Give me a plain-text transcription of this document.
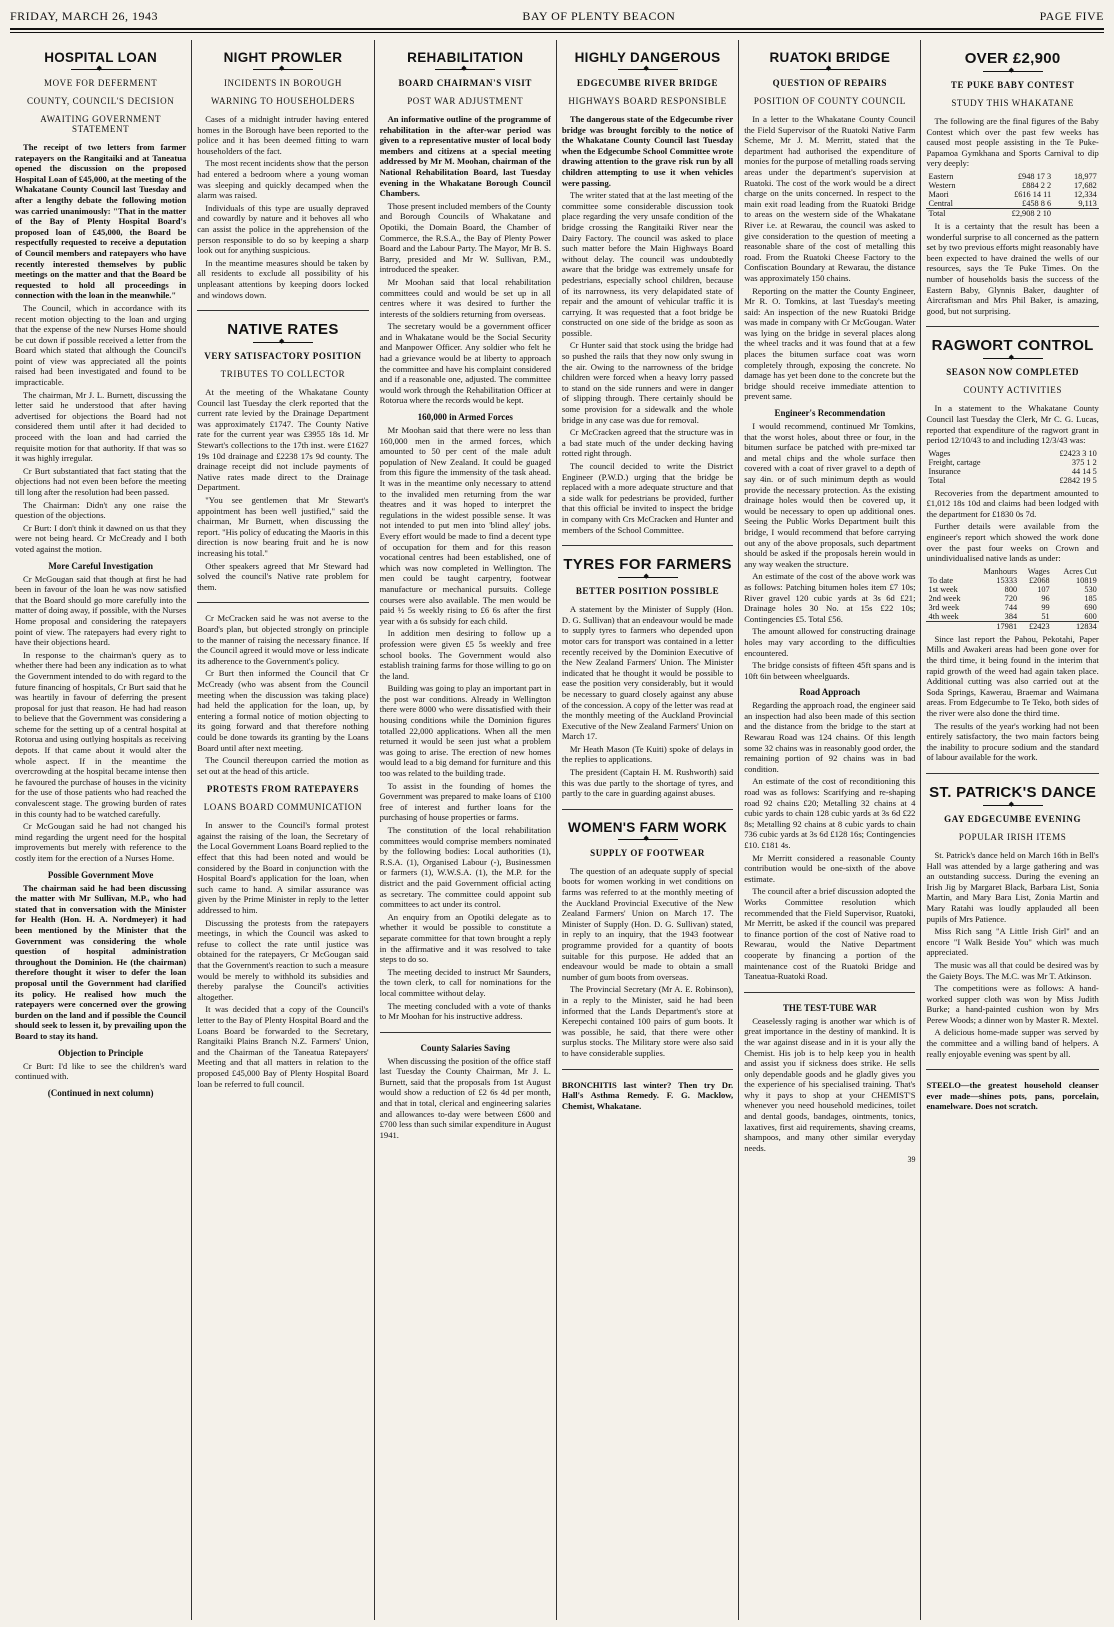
FRIDAY, MARCH 26, 1943	BAY OF PLENTY BEACON	PAGE FIVE
HOSPITAL LOAN
◆
MOVE FOR DEFERMENT
COUNTY, COUNCIL'S DECISION
AWAITING GOVERNMENT STATEMENT

The receipt of two letters from farmer ratepayers on the Rangitaiki and at Taneatua opened the discussion on the proposed Hospital Loan of £45,000, at the meeting of the Whakatane County Council last Tuesday and after a lengthy debate the following motion was carried unanimously: "That in the matter of the Bay of Plenty Hospital Board's proposed loan of £45,000, the Board be respectfully requested to receive a deputation of Council members and ratepayers who have recently interested themselves by public meetings on the matter and that the Board be requested to hold all proceedings in connection with the loan in the meanwhile."

The Council, which in accordance with its recent motion objecting to the loan and urging that the expense of the new Nurses Home should be cut down if possible received a letter from the Board which stated that although the Council's point of view was appreciated all the points raised had been investigated and found to be impracticable.

The chairman, Mr J. L. Burnett, discussing the letter said he understood that after having advertised for objections the Board had not considered them until after it had decided to proceed with the loan and had carried the requisite motion for that authority. If that was so it was highly irregular.

Cr Burt substantiated that fact stating that the objections had not even been before the meeting till long after the resolution had been passed.

The Chairman: Didn't any one raise the question of the objections.

Cr Burt: I don't think it dawned on us that they were not being heard. Cr McCready and I both voted against the motion.

More Careful Investigation

Cr McGougan said that though at first he had been in favour of the loan he was now satisfied that the Board should go more carefully into the matter of doing away, if possible, with the Nurses Home proposal and considering the ratepayers point of view. The ratepayers had every right to have their objections heard.

In response to the chairman's query as to whether there had been any indication as to what the Government intended to do with regard to the future financing of hospitals, Cr Burt said that he was heartily in favour of deferring the present proposal for just that reason. He had had reason to believe that the Government was considering a scheme for the setting up of a central hospital at Rotorua and using outlying hospitals as receiving depots. If that came about it would alter the whole aspect. If in the meantime the overcrowding at the hospital became intense then he favoured the purchase of houses in the vicinity for the use of those patients who had reached the convalescent stage. The growing burden of rates in this county had to be watched carefully.

Cr McGougan said he had not changed his mind regarding the urgent need for the hospital improvements but merely with reference to the costly item for the erection of a Nurses Home.

Possible Government Move

The chairman said he had been discussing the matter with Mr Sullivan, M.P., who had stated that in conversation with the Minister for Health (Hon. H. A. Nordmeyer) it had been mentioned by the Minister that the Government was considering the whole question of hospital administration throughout the Dominion. He (the chairman) therefore thought it wiser to defer the loan proposal until the Government had clarified its policy. He realised how much the ratepayers were concerned over the growing burden on the land and if possible the Council should seek to lessen it, by prevailing upon the Board to stay its hand.

Objection to Principle

Cr Burt: I'd like to see the children's ward continued with.

(Continued in next column)
NIGHT PROWLER
◆
INCIDENTS IN BOROUGH
WARNING TO HOUSEHOLDERS

Cases of a midnight intruder having entered homes in the Borough have been reported to the police and it has been deemed fitting to warn householders of the fact.

The most recent incidents show that the person had entered a bedroom where a young woman was sleeping and quickly decamped when the alarm was raised.

Individuals of this type are usually depraved and cowardly by nature and it behoves all who can assist the police in the apprehension of the person responsible to do so by keeping a sharp look out for anything suspicious.

In the meantime measures should be taken by all residents to exclude all possibility of his unpleasant attentions by keeping doors locked and windows down.

NATIVE RATES
◆
VERY SATISFACTORY POSITION
TRIBUTES TO COLLECTOR

At the meeting of the Whakatane County Council last Tuesday the clerk reported that the current rate levied by the Drainage Department was approximately £1747. The County Native rate for the current year was £3955 18s 1d. Mr Stewart's collections to the 17th inst. were £1627 19s 10d drainage and £2238 17s 9d county. The drainage receipt did not include payments of Native rates made direct to the Drainage Department.

"You see gentlemen that Mr Stewart's appointment has been well justified," said the chairman, Mr Burnett, when discussing the report. "His policy of educating the Maoris in this direction is now bearing fruit and he is now increasing his total."

Other speakers agreed that Mr Steward had solved the council's Native rate problem for them.

Cr McCracken said he was not averse to the Board's plan, but objected strongly on principle to the manner of raising the necessary finance. If the Council agreed it would move or less indicate its adherence to the Government's policy.

Cr Burt then informed the Council that Cr McCready (who was absent from the Council meeting when the discussion was taking place) had held the application for the loan, up, by entering a formal notice of motion objecting to its going forward and that therefore nothing could be done towards its granting by the Loans Board until after next meeting.

The Council thereupon carried the motion as set out at the head of this article.

PROTESTS FROM RATEPAYERS
LOANS BOARD COMMUNICATION

In answer to the Council's formal protest against the raising of the loan, the Secretary of the Local Government Loans Board replied to the effect that this had been noted and would be considered by the Board in conjunction with the Hospital Board's application for the loan, when such came to hand. A similar assurance was given by the Prime Minister in reply to the letter addressed to him.

Discussing the protests from the ratepayers meetings, in which the Council was asked to refuse to collect the rate until justice was obtained for the ratepayers, Cr McGougan said that the Government's reaction to such a measure would be merely to withhold its subsidies and thereby paralyse the Council's activities altogether.

It was decided that a copy of the Council's letter to the Bay of Plenty Hospital Board and the Loans Board be forwarded to the Secretary, Rangitaiki Plains Branch N.Z. Farmers' Union, and the Chairman of the Taneatua Ratepayers' Meeting and that all matters in relation to the proposed £45,000 Bay of Plenty Hospital Board loan be referred to full council.

REHABILITATION
◆
BOARD CHAIRMAN'S VISIT
POST WAR ADJUSTMENT

An informative outline of the programme of rehabilitation in the after-war period was given to a representative muster of local body members and citizens at a special meeting addressed by Mr M. Moohan, chairman of the National Rehabilitation Board, last Tuesday evening in the Whakatane Borough Council Chambers.

Those present included members of the County and Borough Councils of Whakatane and Opotiki, the Domain Board, the Chamber of Commerce, the R.S.A., the Bay of Plenty Power Board and the Labour Party. The Mayor, Mr B. S. Barry, presided and Mr W. Sullivan, P.M., introduced the speaker.

Mr Moohan said that local rehabilitation committees could and would be set up in all centres where it was desired to further the interests of the soldiers returning from overseas.

The secretary would be a government officer and in Whakatane would be the Social Security and Manpower Officer. Any soldier who felt he had a grievance would be at liberty to approach the committee and have his complaint considered and if a reasonable one, adjusted. The committee would work through the Rehabilitation Officer at Rotorua where the records would be kept.

160,000 in Armed Forces

Mr Moohan said that there were no less than 160,000 men in the armed forces, which amounted to 50 per cent of the male adult population of New Zealand. It could be guaged from this figure the immensity of the task ahead. It was in the meantime only necessary to attend to the invalided men returning from the war theatres and it was hoped to interpret the regulations in the widest possible sense. It was not intended to put men into 'blind alley' jobs. Every effort would be made to find a decent type of occupation for them and for this reason vocational centres had been established, one of which was now completed in Wellington. The men could be taught carpentry, footwear manufacture or mechanical pursuits. College courses were also available. The men would be paid ½ 5s weekly rising to £6 6s after the first year with a 6s subsidy for each child.

In addition men desiring to follow up a profession were given £5 5s weekly and free school books. The Government would also establish training farms for those willing to go on the land.

Building was going to play an important part in the post war conditions. Already in Wellington there were 8000 who were dissatisfied with their housing conditions while the Dominion figures totalled 22,000 applications. When all the men returned it would be seen just what a problem was going to arise. The erection of new homes would lead to a big demand for furniture and this too was related to the building trade.

To assist in the founding of homes the Government was prepared to make loans of £100 free of interest and further loans for the purchasing of house properties or farms.

The constitution of the local rehabilitation committees would comprise members nominated by the following bodies: Local authorities (1), R.S.A. (1), Organised Labour (-), Businessmen or farmers (1), W.W.S.A. (1), the M.P. for the district and the paid Government official acting as secretary. The committee could appoint sub committees to act under its control.

An enquiry from an Opotiki delegate as to whether it would be possible to constitute a separate committee for that town brought a reply in the affirmative and it was resolved to take steps to do so.

The meeting decided to instruct Mr Saunders, the town clerk, to call for nominations for the local committee without delay.

The meeting concluded with a vote of thanks to Mr Moohan for his instructive address.

County Salaries Saving

When discussing the position of the office staff last Tuesday the County Chairman, Mr J. L. Burnett, said that the proposals from 1st August would show a reduction of £2 6s 4d per month, and that in total, clerical and engineering salaries and allowances to-day were between £600 and £700 less than such similar expenditure in August 1941.

HIGHLY DANGEROUS
◆
EDGECUMBE RIVER BRIDGE
HIGHWAYS BOARD RESPONSIBLE

The dangerous state of the Edgecumbe river bridge was brought forcibly to the notice of the Whakatane County Council last Tuesday when the Edgecumbe School Committee wrote drawing attention to the grave risk run by all children attempting to use it when vehicles were passing.

The writer stated that at the last meeting of the committee some considerable discussion took place regarding the very unsafe condition of the bridge crossing the Rangitaiki River near the Dairy Factory. The council was asked to place such matter before the Main Highways Board without delay. The council was undoubtedly aware that the bridge was extremely unsafe for pedestrians, especially school children, because of its narrowness, its very delapidated state of repair and the amount of vehicular traffic it is carrying. It was requested that a foot bridge be constructed on one side of the bridge as soon as possible.

Cr Hunter said that stock using the bridge had so pushed the rails that they now only swung in the air. Owing to the narrowness of the bridge children were forced when a heavy lorry passed to stand on the side runners and were in danger of slipping through. There certainly should be some provision for a sidewalk and the whole bridge in any case was due for removal.

Cr McCracken agreed that the structure was in a bad state much of the under decking having rotted right through.

The council decided to write the District Engineer (P.W.D.) urging that the bridge be replaced with a more adequate structure and that a side walk for pedestrians be provided, further that this official be invited to inspect the bridge in company with Crs McCracken and Hunter and members of the School Committee.

TYRES FOR FARMERS
◆
BETTER POSITION POSSIBLE

A statement by the Minister of Supply (Hon. D. G. Sullivan) that an endeavour would be made to supply tyres to farmers who depended upon motor cars for transport was contained in a letter recently received by the Dominion Executive of the New Zealand Farmers' Union. The Minister indicated that he thought it would be possible to ease the position very considerably, but it would be necessary to guard closely against any abuse of the concession. A copy of the letter was read at the monthly meeting of the Auckland Provincial Executive of the New Zealand Farmers' Union on March 17.

Mr Heath Mason (Te Kuiti) spoke of delays in the replies to applications.

The president (Captain H. M. Rushworth) said this was due partly to the shortage of tyres, and partly to the care in guarding against abuses.

WOMEN'S FARM WORK
◆
SUPPLY OF FOOTWEAR

The question of an adequate supply of special boots for women working in wet conditions on farms was referred to at the monthly meeting of the Auckland Provincial Executive of the New Zealand Farmers' Union on March 17. The Minister of Supply (Hon. D. G. Sullivan) stated, in reply to an inquiry, that the 1943 footwear programme provided for a quantity of boots suitable for this purpose. He added that an endeavour would be made to obtain a small number of gum boots from overseas.

The Provincial Secretary (Mr A. E. Robinson), in a reply to the Minister, said he had been informed that the Lands Department's store at Kerepechi contained 100 pairs of gum boots. It was possible, he said, that there were other surplus stocks. The Military store were also said to have considerable supplies.

BRONCHITIS last winter? Then try Dr. Hall's Asthma Remedy. F. G. Macklow, Chemist, Whakatane.
RUATOKI BRIDGE
◆
QUESTION OF REPAIRS
POSITION OF COUNTY COUNCIL

In a letter to the Whakatane County Council the Field Supervisor of the Ruatoki Native Farm Scheme, Mr J. M. Merritt, stated that the department had authorised the expenditure of monies for the purpose of metalling roads serving areas under the department's supervision at Ruatoki. The cost of the work would be a direct charge on the units concerned. In respect to the main exit road leading from the Ruatoki Bridge to areas on the western side of the Whakatane River i.e. at Rewarau, the council was asked to give consideration to the question of meeting a reasonable share of the cost of metalling this road. From the Ruatoki Cheese Factory to the Confiscation Boundary at Rewarau, the distance was approximately 150 chains.

Reporting on the matter the County Engineer, Mr R. O. Tomkins, at last Tuesday's meeting said: An inspection of the new Ruatoki Bridge was made in company with Cr McGougan. Water was lying on the bridge in several places along the wheel tracks and it was found that at a few places the bitumen surface coat was worn completely through, exposing the concrete. No damage has yet been done to the concrete but the bridge should receive immediate attention to prevent same.

Engineer's Recommendation

I would recommend, continued Mr Tomkins, that the worst holes, about three or four, in the bitumen surface be patched with pre-mixed tar and metal chips and the whole surface then covered with a coat of river gravel to a depth of say 4in. or of such minimum depth as would provide the necessary protection. As the existing drainage holes would then be covered up, it would be necessary to open up additional ones. Seeing the Public Works Department built this bridge, I would recommend that before carrying out any of the above proposals, such department should be asked if the proposals herein would in any way weaken the structure.

An estimate of the cost of the above work was as follows: Patching bitumen holes item £7 10s; River gravel 120 cubic yards at 3s 6d £21; Drainage holes 30 No. at 15s £22 10s; Contingencies £5. Total £56.

The amount allowed for constructing drainage holes may vary according to the difficulties encountered.

The bridge consists of fifteen 45ft spans and is 10ft 6in between wheelguards.

Road Approach

Regarding the approach road, the engineer said an inspection had also been made of this section and the distance from the bridge to the start at Rewarau Road was 124 chains. Of this length some 32 chains was in reasonably good order, the remaining portion of 92 chains was in bad condition.

An estimate of the cost of reconditioning this road was as follows: Scarifying and re-shaping road 92 chains £20; Metalling 32 chains at 4 cubic yards to chain 128 cubic yards at 3s 6d £22 8s; Metalling 92 chains at 8 cubic yards to chain 736 cubic yards at 3s 6d £128 16s; Contingencies £10. £181 4s.

Mr Merritt considered a reasonable County contribution would be one-sixth of the above estimate.

The council after a brief discussion adopted the Works Committee resolution which recommended that the Field Supervisor, Ruatoki, Mr Merritt, be asked if the council was prepared to finance portion of the cost of Native road to Rewarau, would the Native Department cooperate by financing a portion of the maintenance cost of the Ruatoki Bridge and Taneatua-Ruatoki Road.

THE TEST-TUBE WAR

Ceaselessly raging is another war which is of great importance in the destiny of mankind. It is the war against disease and in it is your ally the Chemist. His job is to help keep you in health and assist you if sickness does strike. He sells only dependable goods and he gladly gives you the experience of his specialised training. That's why it pays to shop at your CHEMIST'S whenever you need household medicines, toilet and dental goods, bandages, ointments, tonics, laxatives, first aid requirements, shaving creams, shampoos, and many other similar everyday needs.

39
OVER £2,900
◆
TE PUKE BABY CONTEST
STUDY THIS WHAKATANE

The following are the final figures of the Baby Contest which over the past few weeks has caused most people assisting in the Te Puke-Papamoa Gymkhana and Sports Carnival to dip very deeply:

Eastern	£948 17 3	18,977
Western	£884 2 2	17,682
Maori	£616 14 11	12,334
Central	£458 8 6	9,113
Total	£2,908 2 10	

It is a certainty that the result has been a wonderful surprise to all concerned as the pattern set by two previous efforts might reasonably have been expected to have drained the wells of our resources, says the Te Puke Times. On the number of households basis the success of the Eastern Baby, Glynnis Baker, daughter of Aircraftsman and Mrs Phil Baker, is amazing, good, but not surprising.

RAGWORT CONTROL
◆
SEASON NOW COMPLETED
COUNTY ACTIVITIES

In a statement to the Whakatane County Council last Tuesday the Clerk, Mr C. G. Lucas, reported that expenditure of the ragwort grant in period 12/10/43 to and including 12/3/43 was:

Wages	£2423 3 10
Freight, cartage	375 1 2
Insurance	44 14 5
Total	£2842 19 5

Recoveries from the department amounted to £1,012 18s 10d and claims had been lodged with the department for £1830 0s 7d.

Further details were available from the engineer's report which showed the work done over the past four weeks on Crown and unindividualised native lands as under:

	Manhours	Wages	Acres Cut
To date	15333	£2068	10819
1st week	800	107	530
2nd week	720	96	185
3rd week	744	99	690
4th week	384	51	600
	17981	£2423	12834

Since last report the Pahou, Pekotahi, Paper Mills and Awakeri areas had been gone over for the third time, it being found in the interim that rapid growth of the weed had again taken place. Additional cutting was also carried out at the Soda Springs, Kawerau, Braemar and Waimana areas. From Edgecumbe to Te Teko, both sides of the river were also done the third time.

The results of the year's working had not been entirely satisfactory, the two main factors being the inability to procure sodium and the standard of labour available for the work.

ST. PATRICK'S DANCE
◆
GAY EDGECUMBE EVENING
POPULAR IRISH ITEMS

St. Patrick's dance held on March 16th in Bell's Hall was attended by a large gathering and was an outstanding success. During the evening an Irish Jig by Margaret Black, Barbara List, Sonia Martin, and Mary Bara List, Zonia Martin and Mary Ratahi was loudly applauded all been pupils of Mrs Patience.

Miss Rich sang "A Little Irish Girl" and an encore "I Walk Beside You" which was much appreciated.

The music was all that could be desired was by the Gaiety Boys. The M.C. was Mr T. Atkinson.

The competitions were as follows: A hand-worked supper cloth was won by Miss Judith Burke; a hand-painted cushion won by Mrs Perew Woods; a dinner won by Master R. Mextel.

A delicious home-made supper was served by the committee and a willing band of helpers. A really enjoyable evening was spent by all.

STEELO—the greatest household cleanser ever made—shines pots, pans, porcelain, enamelware. Does not scratch.
